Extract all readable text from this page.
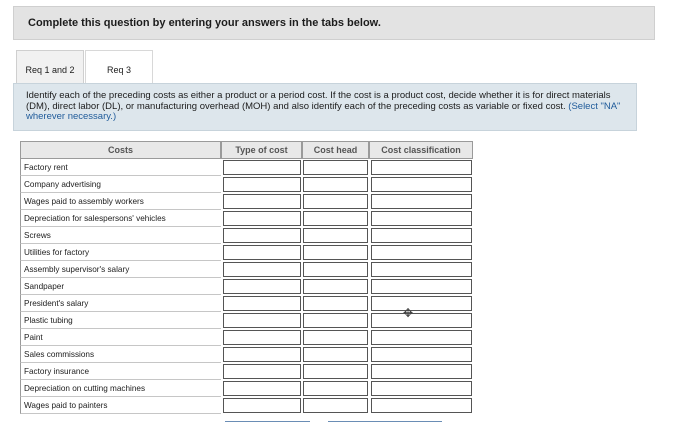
Complete this question by entering your answers in the tabs below.
Req 1 and 2	Req 3
Identify each of the preceding costs as either a product or a period cost. If the cost is a product cost, decide whether it is for direct materials (DM), direct labor (DL), or manufacturing overhead (MOH) and also identify each of the preceding costs as variable or fixed cost. (Select "NA" wherever necessary.)
Costs	Type of cost	Cost head	Cost classification
Factory rent
Company advertising
Wages paid to assembly workers
Depreciation for salespersons' vehicles
Screws
Utilities for factory
Assembly supervisor's salary
Sandpaper
President's salary
Plastic tubing
Paint
Sales commissions
Factory insurance
Depreciation on cutting machines
Wages paid to painters
✥
